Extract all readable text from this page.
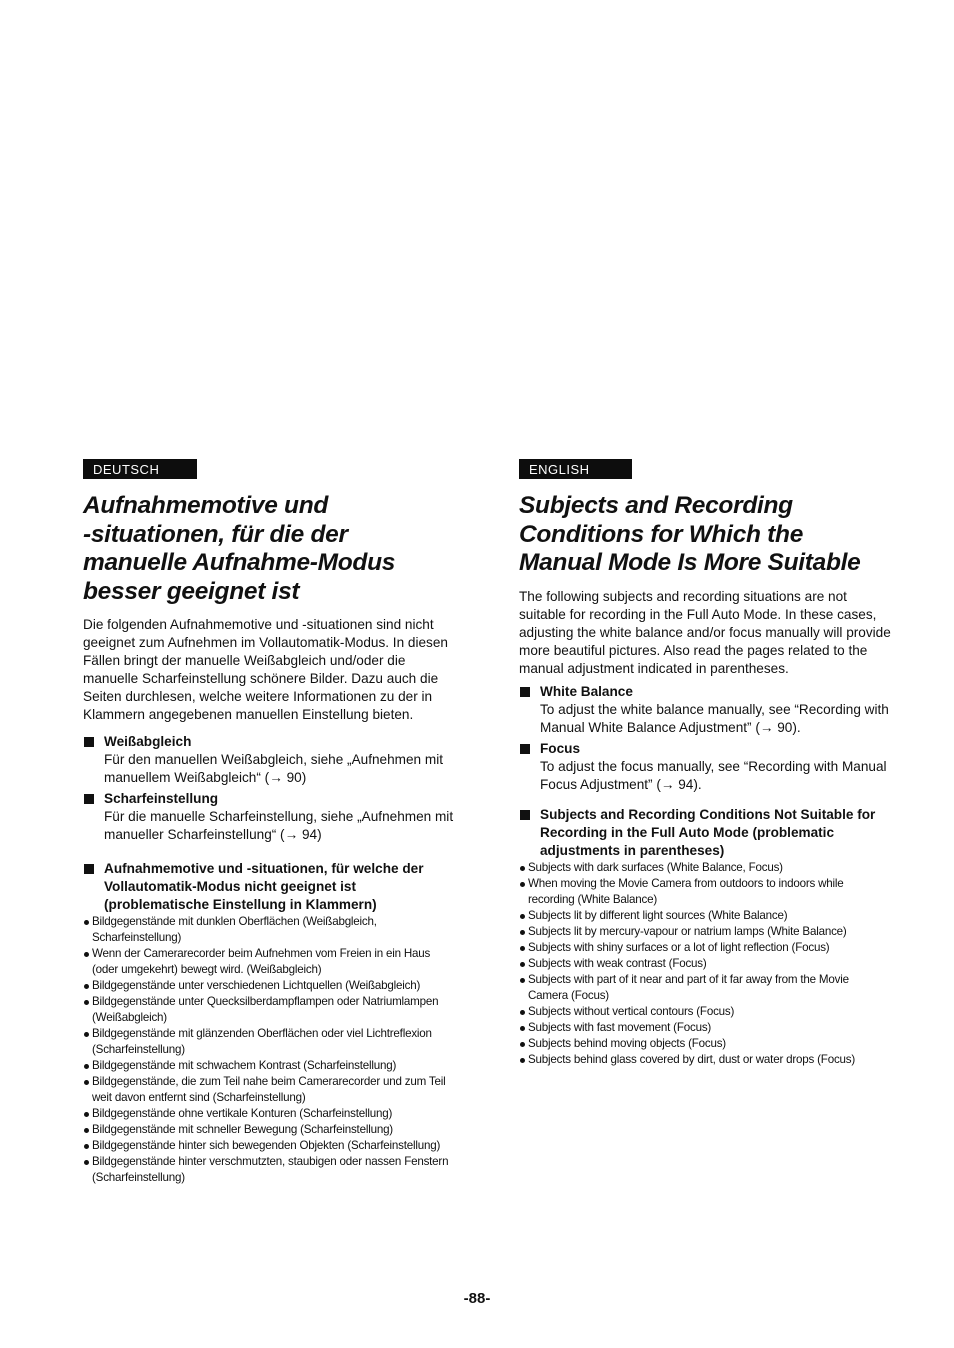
DEUTSCH
Aufnahmemotive und
-situationen, für die der
manuelle Aufnahme-Modus
besser geeignet ist

Die folgenden Aufnahmemotive und -situationen sind nicht geeignet zum Aufnehmen im Vollautomatik-Modus. In diesen Fällen bringt der manuelle Weißabgleich und/oder die manuelle Scharfeinstellung schönere Bilder. Dazu auch die Seiten durchlesen, welche weitere Informationen zu der in Klammern angegebenen manuellen Einstellung bieten.

Weißabgleich
Für den manuellen Weißabgleich, siehe „Aufnehmen mit manuellem Weißabgleich“ (→ 90)
Scharfeinstellung
Für die manuelle Scharfeinstellung, siehe „Aufnehmen mit manueller Scharfeinstellung“ (→ 94)
Aufnahmemotive und -situationen, für welche der Vollautomatik-Modus nicht geeignet ist (problematische Einstellung in Klammern)
Bildgegenstände mit dunklen Oberflächen (Weißabgleich, Scharfeinstellung)
Wenn der Camerarecorder beim Aufnehmen vom Freien in ein Haus (oder umgekehrt) bewegt wird. (Weißabgleich)
Bildgegenstände unter verschiedenen Lichtquellen (Weißabgleich)
Bildgegenstände unter Quecksilberdampflampen oder Natriumlampen (Weißabgleich)
Bildgegenstände mit glänzenden Oberflächen oder viel Lichtreflexion (Scharfeinstellung)
Bildgegenstände mit schwachem Kontrast (Scharfeinstellung)
Bildgegenstände, die zum Teil nahe beim Camerarecorder und zum Teil weit davon entfernt sind (Scharfeinstellung)
Bildgegenstände ohne vertikale Konturen (Scharfeinstellung)
Bildgegenstände mit schneller Bewegung (Scharfeinstellung)
Bildgegenstände hinter sich bewegenden Objekten (Scharfeinstellung)
Bildgegenstände hinter verschmutzten, staubigen oder nassen Fenstern (Scharfeinstellung)
ENGLISH
Subjects and Recording
Conditions for Which the
Manual Mode Is More Suitable

The following subjects and recording situations are not suitable for recording in the Full Auto Mode. In these cases, adjusting the white balance and/or focus manually will provide more beautiful pictures. Also read the pages related to the manual adjustment indicated in parentheses.

White Balance
To adjust the white balance manually, see “Recording with Manual White Balance Adjustment” (→ 90).
Focus
To adjust the focus manually, see “Recording with Manual Focus Adjustment” (→ 94).
Subjects and Recording Conditions Not Suitable for Recording in the Full Auto Mode (problematic adjustments in parentheses)
Subjects with dark surfaces (White Balance, Focus)
When moving the Movie Camera from outdoors to indoors while recording (White Balance)
Subjects lit by different light sources (White Balance)
Subjects lit by mercury-vapour or natrium lamps (White Balance)
Subjects with shiny surfaces or a lot of light reflection (Focus)
Subjects with weak contrast (Focus)
Subjects with part of it near and part of it far away from the Movie Camera (Focus)
Subjects without vertical contours (Focus)
Subjects with fast movement (Focus)
Subjects behind moving objects (Focus)
Subjects behind glass covered by dirt, dust or water drops (Focus)
-88-
